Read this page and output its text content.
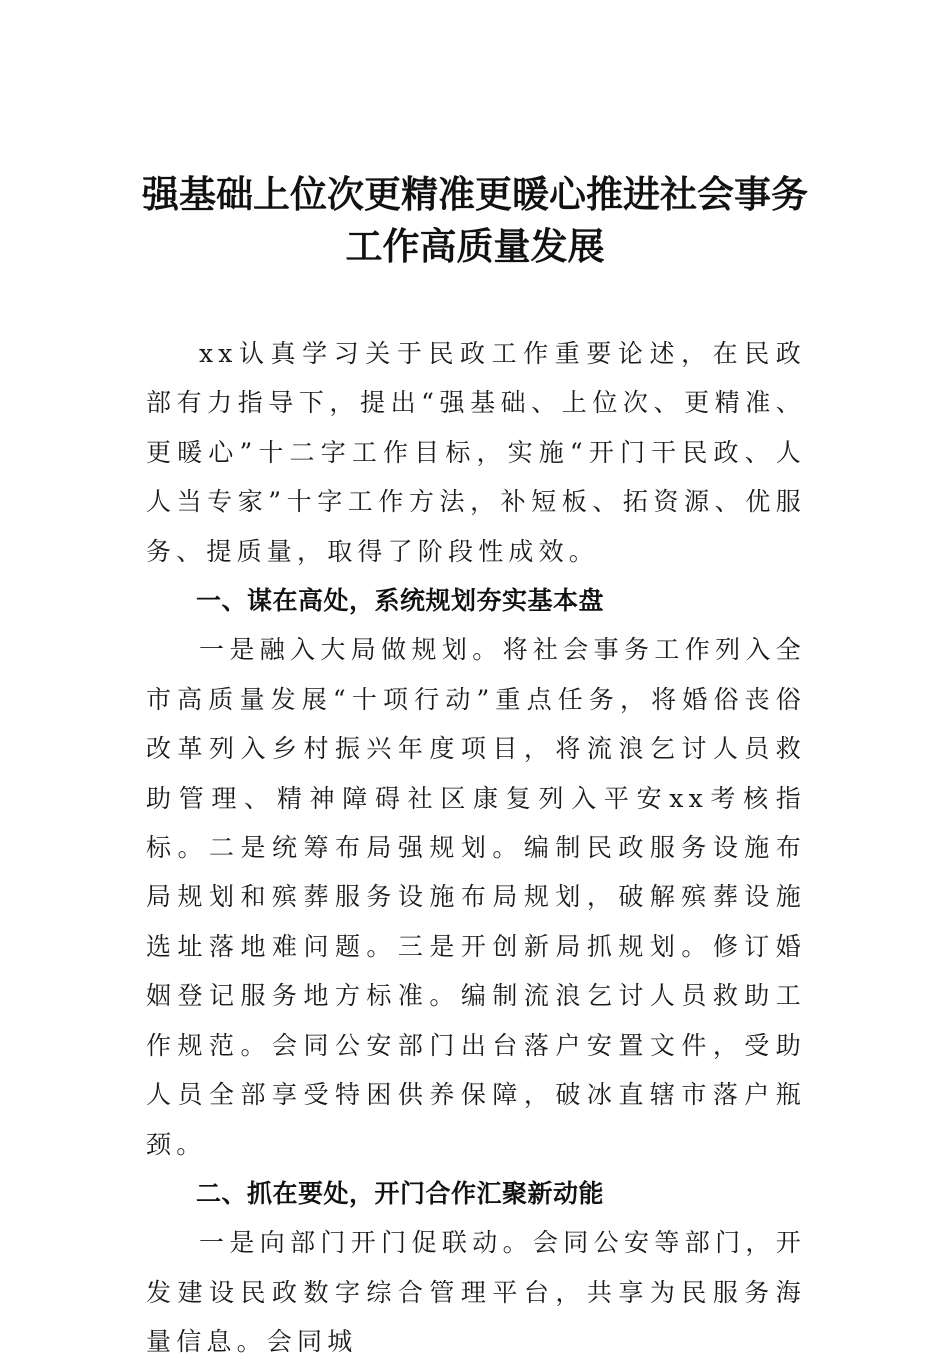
强基础上位次更精准更暖心推进社会事务
工作高质量发展

xx认真学习关于民政工作重要论述，在民政部有力指导下，提出“强基础、上位次、更精准、更暖心”十二字工作目标，实施“开门干民政、人人当专家”十字工作方法，补短板、拓资源、优服务、提质量，取得了阶段性成效。

一、谋在高处，系统规划夯实基本盘

一是融入大局做规划。将社会事务工作列入全市高质量发展“十项行动”重点任务，将婚俗丧俗改革列入乡村振兴年度项目，将流浪乞讨人员救助管理、精神障碍社区康复列入平安xx考核指标。二是统筹布局强规划。编制民政服务设施布局规划和殡葬服务设施布局规划，破解殡葬设施选址落地难问题。三是开创新局抓规划。修订婚姻登记服务地方标准。编制流浪乞讨人员救助工作规范。会同公安部门出台落户安置文件，受助人员全部享受特困供养保障，破冰直辖市落户瓶颈。

二、抓在要处，开门合作汇聚新动能

一是向部门开门促联动。会同公安等部门，开发建设民政数字综合管理平台，共享为民服务海量信息。会同城
